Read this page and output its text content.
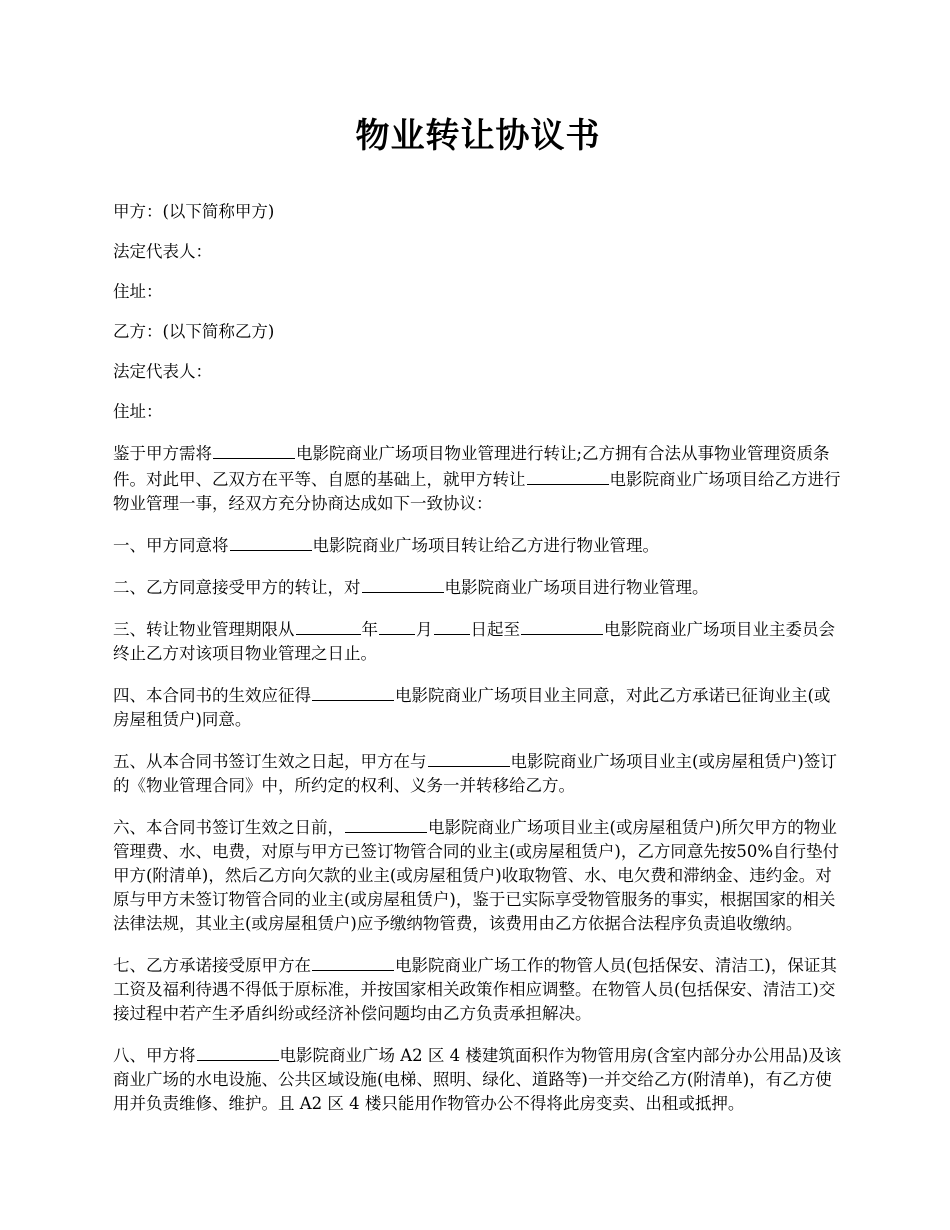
物业转让协议书

甲方：(以下简称甲方)

法定代表人：

住址：

乙方：(以下简称乙方)

法定代表人：

住址：

鉴于甲方需将	电影院商业广场项目物业管理进行转让;乙方拥有合法从事物业管理资质条件。对此甲、乙双方在平等、自愿的基础上，就甲方转让	电影院商业广场项目给乙方进行物业管理一事，经双方充分协商达成如下一致协议：

一、甲方同意将	电影院商业广场项目转让给乙方进行物业管理。

二、乙方同意接受甲方的转让，对	电影院商业广场项目进行物业管理。

三、转让物业管理期限从	年 月 日起至	电影院商业广场项目业主委员会终止乙方对该项目物业管理之日止。

四、本合同书的生效应征得	电影院商业广场项目业主同意，对此乙方承诺已征询业主(或房屋租赁户)同意。

五、从本合同书签订生效之日起，甲方在与	电影院商业广场项目业主(或房屋租赁户)签订的《物业管理合同》中，所约定的权利、义务一并转移给乙方。

六、本合同书签订生效之日前，	电影院商业广场项目业主(或房屋租赁户)所欠甲方的物业管理费、水、电费，对原与甲方已签订物管合同的业主(或房屋租赁户)，乙方同意先按50%自行垫付甲方(附清单)，然后乙方向欠款的业主(或房屋租赁户)收取物管、水、电欠费和滞纳金、违约金。对原与甲方未签订物管合同的业主(或房屋租赁户)，鉴于已实际享受物管服务的事实，根据国家的相关法律法规，其业主(或房屋租赁户)应予缴纳物管费，该费用由乙方依据合法程序负责追收缴纳。

七、乙方承诺接受原甲方在	电影院商业广场工作的物管人员(包括保安、清洁工)，保证其工资及福利待遇不得低于原标准，并按国家相关政策作相应调整。在物管人员(包括保安、清洁工)交接过程中若产生矛盾纠纷或经济补偿问题均由乙方负责承担解决。

八、甲方将	电影院商业广场 A2 区 4 楼建筑面积作为物管用房(含室内部分办公用品)及该商业广场的水电设施、公共区域设施(电梯、照明、绿化、道路等)一并交给乙方(附清单)，有乙方使用并负责维修、维护。且 A2 区 4 楼只能用作物管办公不得将此房变卖、出租或抵押。
